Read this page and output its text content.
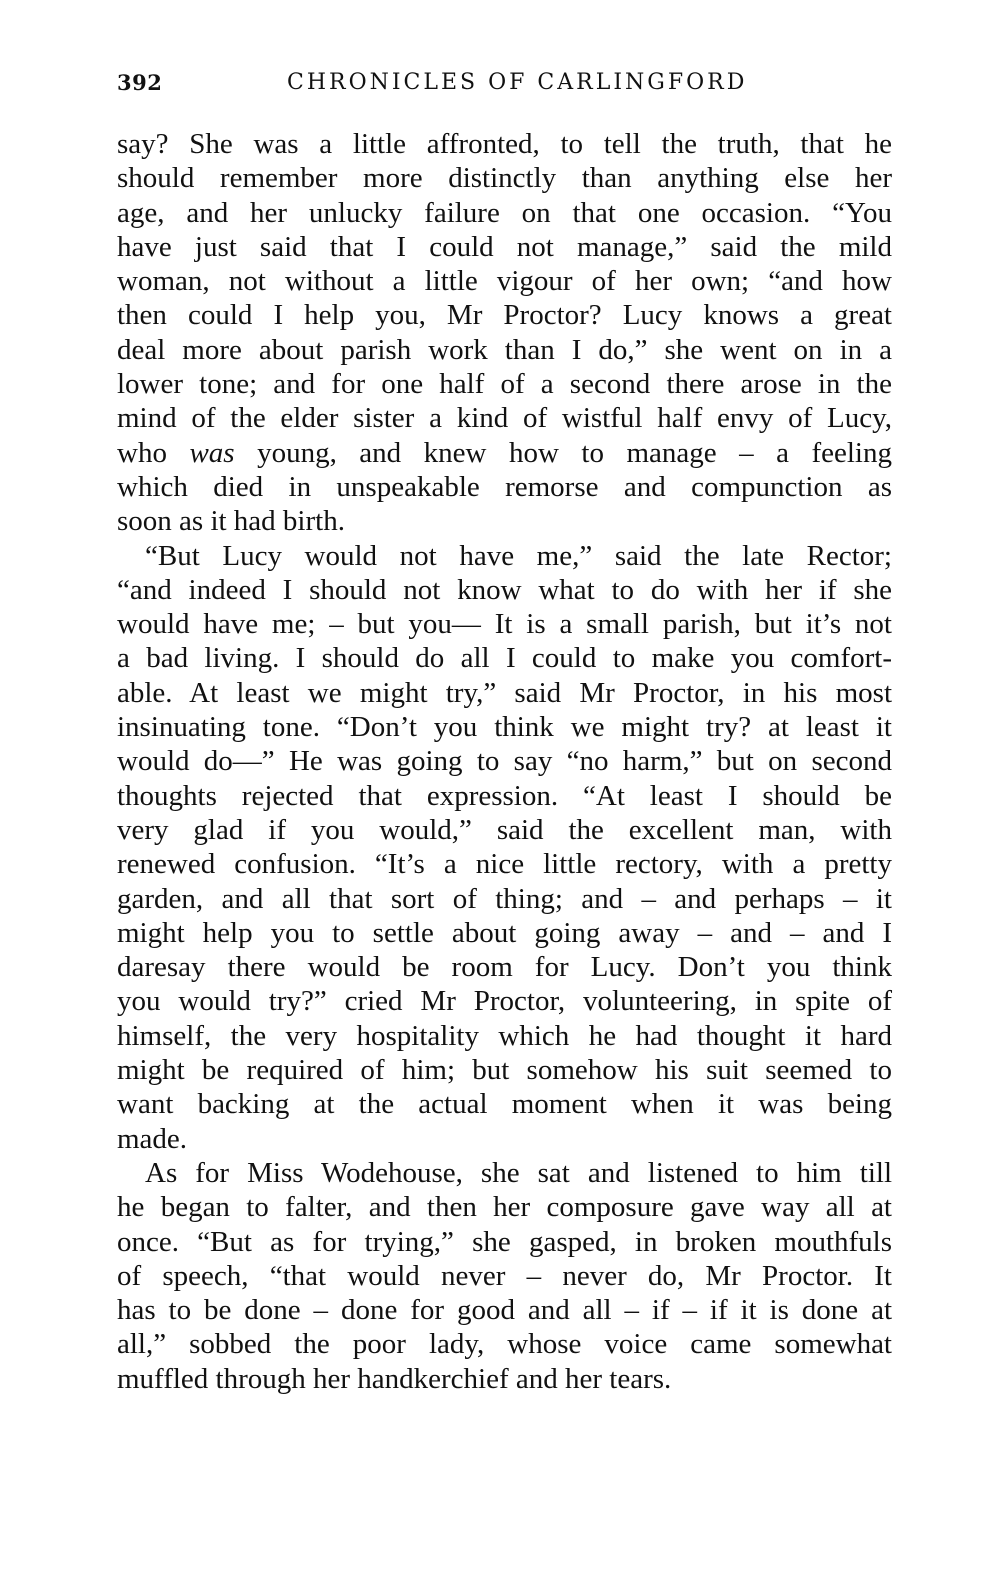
392	CHRONICLES OF CARLINGFORD
say? She was a little affronted, to tell the truth, that he
should remember more distinctly than anything else her
age, and her unlucky failure on that one occasion. “You
have just said that I could not manage,” said the mild
woman, not without a little vigour of her own; “and how
then could I help you, Mr Proctor? Lucy knows a great
deal more about parish work than I do,” she went on in a
lower tone; and for one half of a second there arose in the
mind of the elder sister a kind of wistful half envy of Lucy,
who was young, and knew how to manage – a feeling
which died in unspeakable remorse and compunction as
soon as it had birth.
“But Lucy would not have me,” said the late Rector;
“and indeed I should not know what to do with her if she
would have me; – but you— It is a small parish, but it’s not
a bad living. I should do all I could to make you comfort-
able. At least we might try,” said Mr Proctor, in his most
insinuating tone. “Don’t you think we might try? at least it
would do—” He was going to say “no harm,” but on second
thoughts rejected that expression. “At least I should be
very glad if you would,” said the excellent man, with
renewed confusion. “It’s a nice little rectory, with a pretty
garden, and all that sort of thing; and – and perhaps – it
might help you to settle about going away – and – and I
daresay there would be room for Lucy. Don’t you think
you would try?” cried Mr Proctor, volunteering, in spite of
himself, the very hospitality which he had thought it hard
might be required of him; but somehow his suit seemed to
want backing at the actual moment when it was being
made.
As for Miss Wodehouse, she sat and listened to him till
he began to falter, and then her composure gave way all at
once. “But as for trying,” she gasped, in broken mouthfuls
of speech, “that would never – never do, Mr Proctor. It
has to be done – done for good and all – if – if it is done at
all,” sobbed the poor lady, whose voice came somewhat
muffled through her handkerchief and her tears.
